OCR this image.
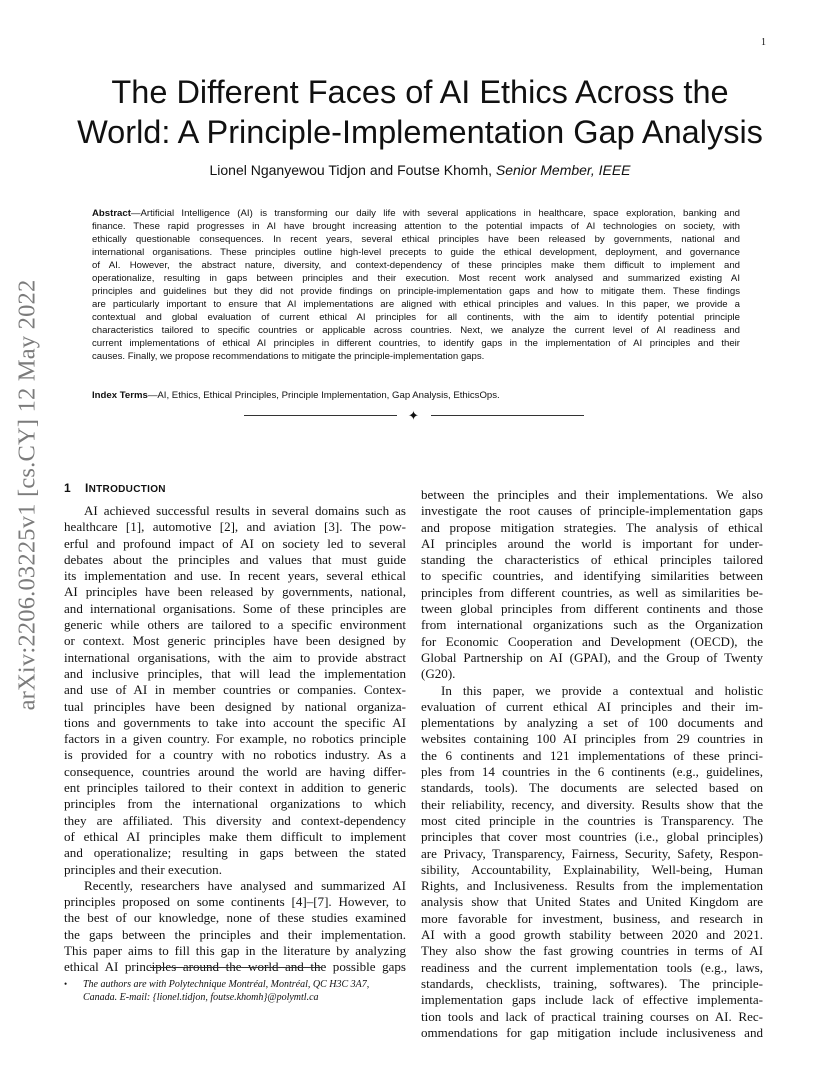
1
arXiv:2206.03225v1 [cs.CY] 12 May 2022
The Different Faces of AI Ethics Across the
World: A Principle-Implementation Gap Analysis
Lionel Nganyewou Tidjon and Foutse Khomh, Senior Member, IEEE
Abstract—Artificial Intelligence (AI) is transforming our daily life with several applications in healthcare, space exploration, banking and
finance. These rapid progresses in AI have brought increasing attention to the potential impacts of AI technologies on society, with
ethically questionable consequences. In recent years, several ethical principles have been released by governments, national and
international organisations. These principles outline high-level precepts to guide the ethical development, deployment, and governance
of AI. However, the abstract nature, diversity, and context-dependency of these principles make them difficult to implement and
operationalize, resulting in gaps between principles and their execution. Most recent work analysed and summarized existing AI
principles and guidelines but they did not provide findings on principle-implementation gaps and how to mitigate them. These findings
are particularly important to ensure that AI implementations are aligned with ethical principles and values. In this paper, we provide a
contextual and global evaluation of current ethical AI principles for all continents, with the aim to identify potential principle
characteristics tailored to specific countries or applicable across countries. Next, we analyze the current level of AI readiness and
current implementations of ethical AI principles in different countries, to identify gaps in the implementation of AI principles and their
causes. Finally, we propose recommendations to mitigate the principle-implementation gaps.
Index Terms—AI, Ethics, Ethical Principles, Principle Implementation, Gap Analysis, EthicsOps.
✦
1 INTRODUCTION
AI achieved successful results in several domains such as
healthcare [1], automotive [2], and aviation [3]. The pow-
erful and profound impact of AI on society led to several
debates about the principles and values that must guide
its implementation and use. In recent years, several ethical
AI principles have been released by governments, national,
and international organisations. Some of these principles are
generic while others are tailored to a specific environment
or context. Most generic principles have been designed by
international organisations, with the aim to provide abstract
and inclusive principles, that will lead the implementation
and use of AI in member countries or companies. Contex-
tual principles have been designed by national organiza-
tions and governments to take into account the specific AI
factors in a given country. For example, no robotics principle
is provided for a country with no robotics industry. As a
consequence, countries around the world are having differ-
ent principles tailored to their context in addition to generic
principles from the international organizations to which
they are affiliated. This diversity and context-dependency
of ethical AI principles make them difficult to implement
and operationalize; resulting in gaps between the stated
principles and their execution.
Recently, researchers have analysed and summarized AI
principles proposed on some continents [4]–[7]. However, to
the best of our knowledge, none of these studies examined
the gaps between the principles and their implementation.
This paper aims to fill this gap in the literature by analyzing
ethical AI principles around the world and the possible gaps
between the principles and their implementations. We also
investigate the root causes of principle-implementation gaps
and propose mitigation strategies. The analysis of ethical
AI principles around the world is important for under-
standing the characteristics of ethical principles tailored
to specific countries, and identifying similarities between
principles from different countries, as well as similarities be-
tween global principles from different continents and those
from international organizations such as the Organization
for Economic Cooperation and Development (OECD), the
Global Partnership on AI (GPAI), and the Group of Twenty
(G20).
In this paper, we provide a contextual and holistic
evaluation of current ethical AI principles and their im-
plementations by analyzing a set of 100 documents and
websites containing 100 AI principles from 29 countries in
the 6 continents and 121 implementations of these princi-
ples from 14 countries in the 6 continents (e.g., guidelines,
standards, tools). The documents are selected based on
their reliability, recency, and diversity. Results show that the
most cited principle in the countries is Transparency. The
principles that cover most countries (i.e., global principles)
are Privacy, Transparency, Fairness, Security, Safety, Respon-
sibility, Accountability, Explainability, Well-being, Human
Rights, and Inclusiveness. Results from the implementation
analysis show that United States and United Kingdom are
more favorable for investment, business, and research in
AI with a good growth stability between 2020 and 2021.
They also show the fast growing countries in terms of AI
readiness and the current implementation tools (e.g., laws,
standards, checklists, training, softwares). The principle-
implementation gaps include lack of effective implementa-
tion tools and lack of practical training courses on AI. Rec-
ommendations for gap mitigation include inclusiveness and
•	The authors are with Polytechnique Montréal, Montréal, QC H3C 3A7,
Canada. E-mail: {lionel.tidjon, foutse.khomh}@polymtl.ca
